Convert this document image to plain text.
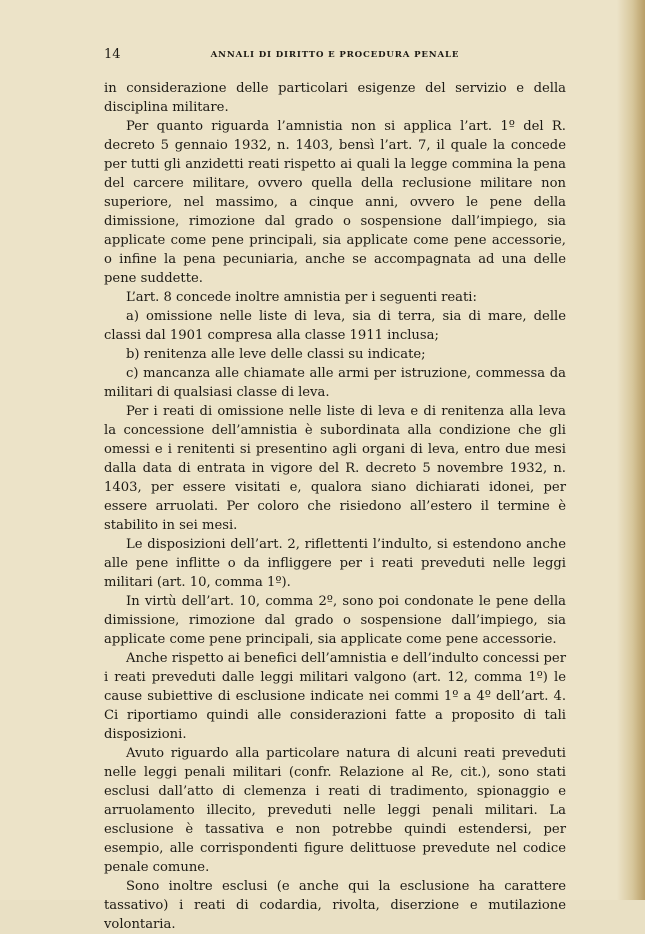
14	ANNALI DI DIRITTO E PROCEDURA PENALE

in considerazione delle particolari esigenze del servizio e della disciplina militare.

Per quanto riguarda l’amnistia non si applica l’art. 1º del R. decreto 5 gennaio 1932, n. 1403, bensì l’art. 7, il quale la concede per tutti gli anzidetti reati rispetto ai quali la legge commina la pena del carcere militare, ovvero quella della reclusione militare non superiore, nel massimo, a cinque anni, ovvero le pene della dimissione, rimozione dal grado o sospensione dall’impiego, sia applicate come pene principali, sia applicate come pene accessorie, o infine la pena pecuniaria, anche se accompagnata ad una delle pene suddette.

L’art. 8 concede inoltre amnistia per i seguenti reati:

a) omissione nelle liste di leva, sia di terra, sia di mare, delle classi dal 1901 compresa alla classe 1911 inclusa;

b) renitenza alle leve delle classi su indicate;

c) mancanza alle chiamate alle armi per istruzione, commessa da militari di qualsiasi classe di leva.

Per i reati di omissione nelle liste di leva e di renitenza alla leva la concessione dell’amnistia è subordinata alla condizione che gli omessi e i renitenti si presentino agli organi di leva, entro due mesi dalla data di entrata in vigore del R. decreto 5 novembre 1932, n. 1403, per essere visitati e, qualora siano dichiarati idonei, per essere arruolati. Per coloro che risiedono all’estero il termine è stabilito in sei mesi.

Le disposizioni dell’art. 2, riflettenti l’indulto, si estendono anche alle pene inflitte o da infliggere per i reati preveduti nelle leggi militari (art. 10, comma 1º).

In virtù dell’art. 10, comma 2º, sono poi condonate le pene della dimissione, rimozione dal grado o sospensione dall’impiego, sia applicate come pene principali, sia applicate come pene accessorie.

Anche rispetto ai benefici dell’amnistia e dell’indulto concessi per i reati preveduti dalle leggi militari valgono (art. 12, comma 1º) le cause subiettive di esclusione indicate nei commi 1º a 4º dell’art. 4. Ci riportiamo quindi alle considerazioni fatte a proposito di tali disposizioni.

Avuto riguardo alla particolare natura di alcuni reati preveduti nelle leggi penali militari (confr. Relazione al Re, cit.), sono stati esclusi dall’atto di clemenza i reati di tradimento, spionaggio e arruolamento illecito, preveduti nelle leggi penali militari. La esclusione è tassativa e non potrebbe quindi estendersi, per esempio, alle corrispondenti figure delittuose prevedute nel codice penale comune.

Sono inoltre esclusi (e anche qui la esclusione ha carattere tassativo) i reati di codardia, rivolta, diserzione e mutilazione volontaria.
